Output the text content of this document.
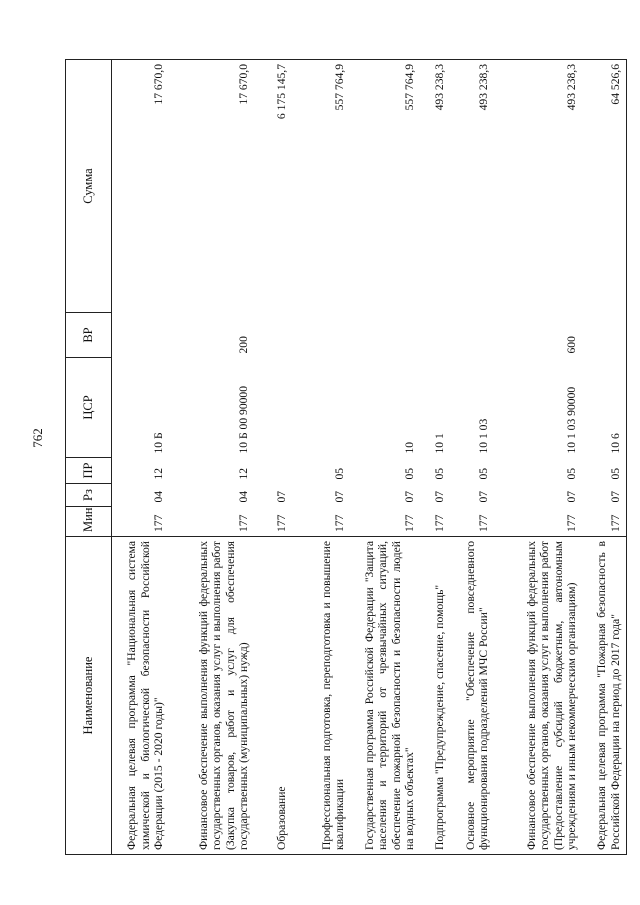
762
Наименование	Мин	Рз	ПР	ЦСР	ВР	Сумма
Федеральная целевая программа "Национальная система химической и биологической безопасности Российской Федерации (2015 - 2020 годы)"	177	04	12	10 Б		17 670,0
Финансовое обеспечение выполнения функций федеральных государственных органов, оказания услуг и выполнения работ (Закупка товаров, работ и услуг для обеспечения государственных (муниципальных) нужд)	177	04	12	10 Б 00 90000	200	17 670,0
Образование	177	07				6 175 145,7
Профессиональная подготовка, переподготовка и повышение квалификации	177	07	05			557 764,9
Государственная программа Российской Федерации "Защита населения и территорий от чрезвычайных ситуаций, обеспечение пожарной безопасности и безопасности людей на водных объектах"	177	07	05	10		557 764,9
Подпрограмма "Предупреждение, спасение, помощь"	177	07	05	10 1		493 238,3
Основное мероприятие "Обеспечение повседневного функционирования подразделений МЧС России"	177	07	05	10 1 03		493 238,3
Финансовое обеспечение выполнения функций федеральных государственных органов, оказания услуг и выполнения работ (Предоставление субсидий бюджетным, автономным учреждениям и иным некоммерческим организациям)	177	07	05	10 1 03 90000	600	493 238,3
Федеральная целевая программа "Пожарная безопасность в Российской Федерации на период до 2017 года"	177	07	05	10 6		64 526,6
